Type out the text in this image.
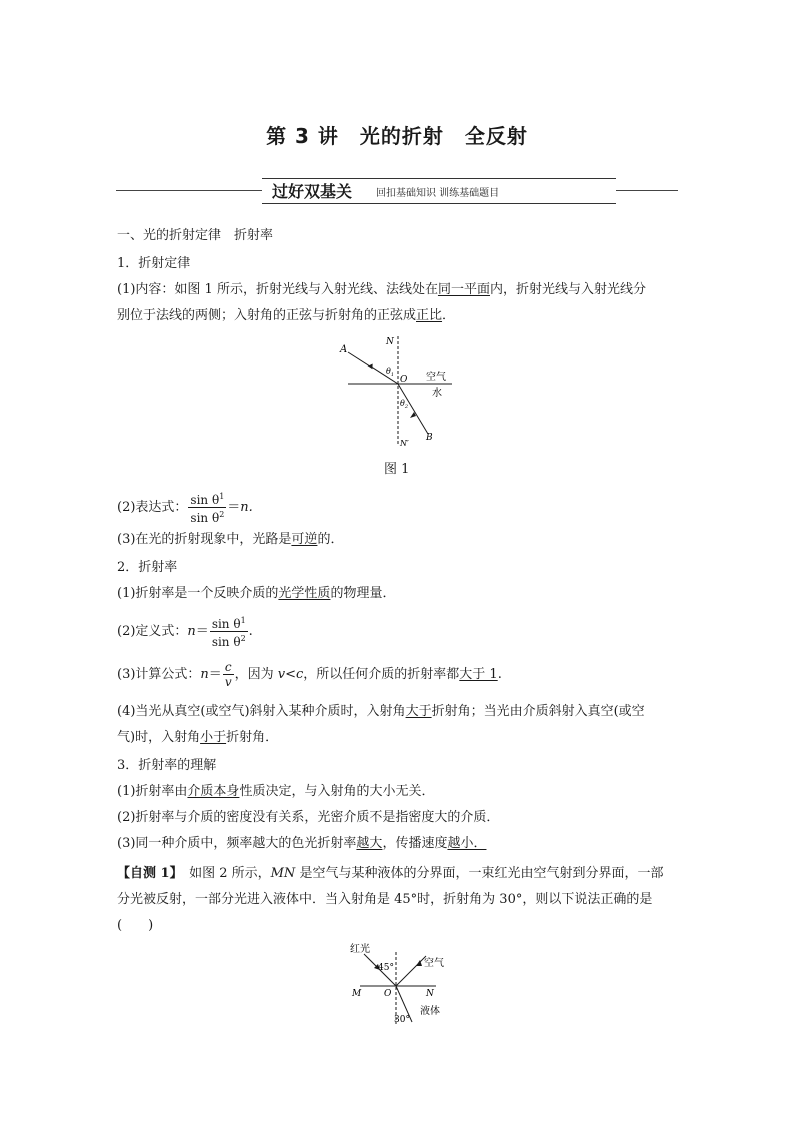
第 3 讲　光的折射　全反射
过好双基关 回扣基础知识 训练基础题目
一、光的折射定律　折射率
1．折射定律
(1)内容：如图 1 所示，折射光线与入射光线、法线处在同一平面内，折射光线与入射光线分
别位于法线的两侧；入射角的正弦与折射角的正弦成正比．
A
N
$\theta_1$ O 空气
水
$\theta_2$
B
N′
图 1
(2)表达式： $\frac{\sin \theta^1}{\sin \theta^2} =n$.
(3)在光的折射现象中，光路是可逆的．
2．折射率
(1)折射率是一个反映介质的光学性质的物理量．
(2)定义式：$n= \frac{\sin \theta^1}{\sin \theta^2}$ .
(3)计算公式：$n= \frac{c}{v}$ ，因为 v<c，所以任何介质的折射率都大于 1.
(4)当光从真空(或空气)斜射入某种介质时，入射角大于折射角；当光由介质斜射入真空(或空
气)时，入射角小于折射角．
3．折射率的理解
(1)折射率由介质本身性质决定，与入射角的大小无关．
(2)折射率与介质的密度没有关系，光密介质不是指密度大的介质．
(3)同一种介质中，频率越大的色光折射率越大，传播速度越小．
【自测 1】　如图 2 所示，MN 是空气与某种液体的分界面，一束红光由空气射到分界面，一部
分光被反射，一部分光进入液体中．当入射角是 45°时，折射角为 30°，则以下说法正确的是
(　　)
红光
45°	空气
M	O	N
30°
液体
